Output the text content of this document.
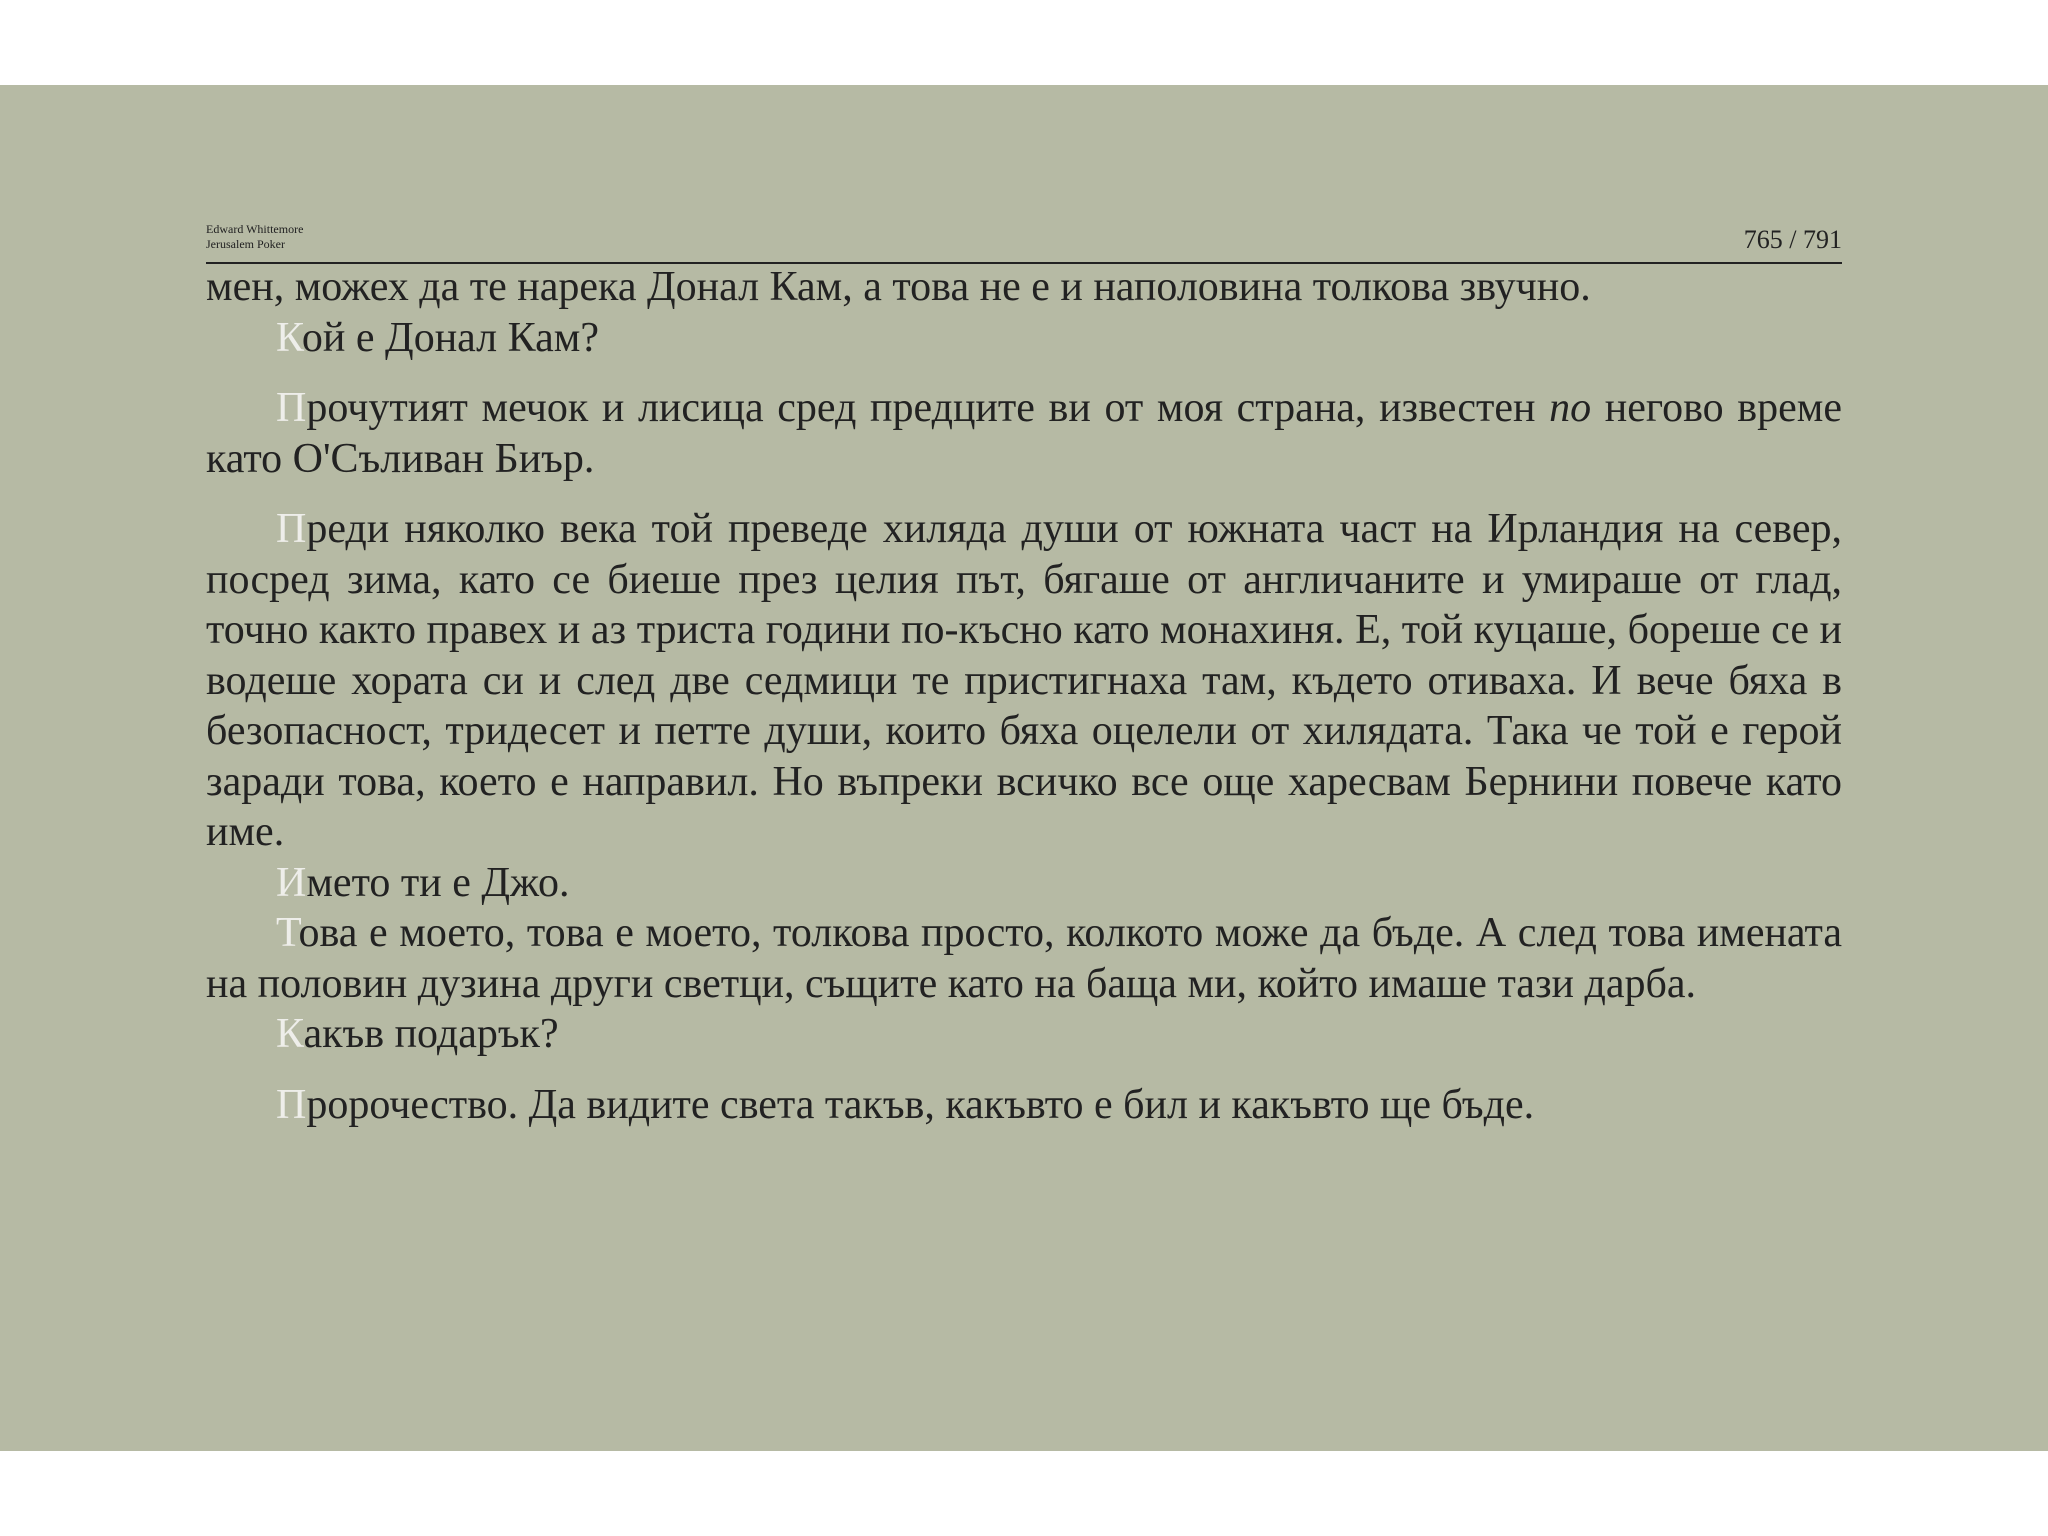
Edward Whittemore
Jerusalem Poker	765 / 791

мен, можех да те нарека Донал Кам, а това не е и наполовина толкова звучно.

Кой е Донал Кам?

Прочутият мечок и лисица сред предците ви от моя страна, известен по негово време като О'Съливан Биър.

Преди няколко века той преведе хиляда души от южната част на Ирландия на север, посред зима, като се биеше през целия път, бягаше от англичаните и умираше от глад, точно както правех и аз триста години по-късно като монахиня. Е, той куцаше, бореше се и водеше хората си и след две седмици те пристигнаха там, където отиваха. И вече бяха в безопасност, тридесет и петте души, които бяха оцелели от хилядата. Така че той е герой заради това, което е направил. Но въпреки всичко все още харесвам Бернини повече като име.

Името ти е Джо.

Това е моето, това е моето, толкова просто, колкото може да бъде. А след това имената на половин дузина други светци, същите като на баща ми, който имаше тази дарба.

Какъв подарък?

Пророчество. Да видите света такъв, какъвто е бил и какъвто ще бъде.
